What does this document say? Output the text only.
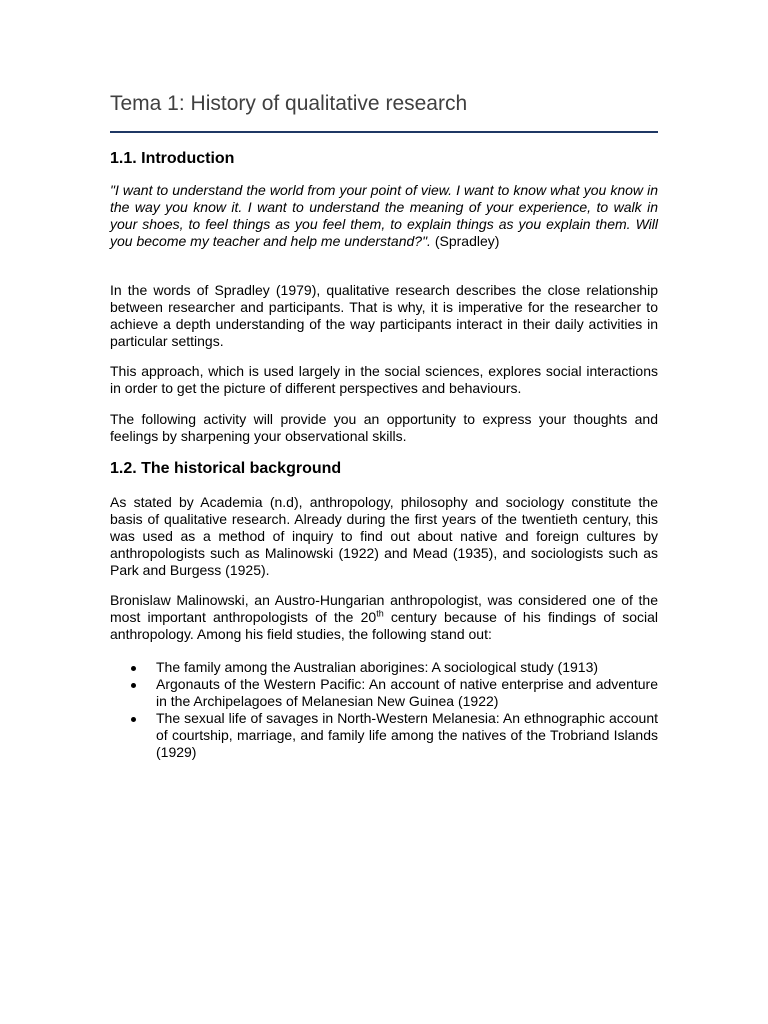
Tema 1: History of qualitative research
1.1. Introduction

"I want to understand the world from your point of view. I want to know what you know in the way you know it. I want to understand the meaning of your experience, to walk in your shoes, to feel things as you feel them, to explain things as you explain them. Will you become my teacher and help me understand?". (Spradley)

In the words of Spradley (1979), qualitative research describes the close relationship between researcher and participants. That is why, it is imperative for the researcher to achieve a depth understanding of the way participants interact in their daily activities in particular settings.

This approach, which is used largely in the social sciences, explores social interactions in order to get the picture of different perspectives and behaviours.

The following activity will provide you an opportunity to express your thoughts and feelings by sharpening your observational skills.

1.2. The historical background

As stated by Academia (n.d), anthropology, philosophy and sociology constitute the basis of qualitative research. Already during the first years of the twentieth century, this was used as a method of inquiry to find out about native and foreign cultures by anthropologists such as Malinowski (1922) and Mead (1935), and sociologists such as Park and Burgess (1925).

Bronislaw Malinowski, an Austro-Hungarian anthropologist, was considered one of the most important anthropologists of the 20th century because of his findings of social anthropology. Among his field studies, the following stand out:

The family among the Australian aborigines: A sociological study (1913)
Argonauts of the Western Pacific: An account of native enterprise and adventure in the Archipelagoes of Melanesian New Guinea (1922)
The sexual life of savages in North-Western Melanesia: An ethnographic account of courtship, marriage, and family life among the natives of the Trobriand Islands (1929)
